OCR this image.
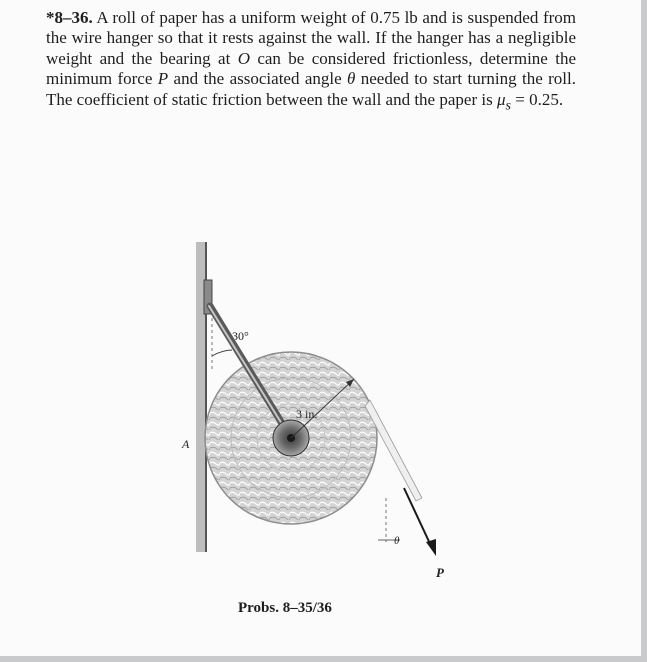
*8–36. A roll of paper has a uniform weight of 0.75 lb and is suspended from the wire hanger so that it rests against the wall. If the hanger has a negligible weight and the bearing at O can be considered frictionless, determine the minimum force P and the associated angle θ needed to start turning the roll. The coefficient of static friction between the wall and the paper is $\mu_s = 0.25$.
30°
3 in.
A
θ
P
Probs. 8–35/36
